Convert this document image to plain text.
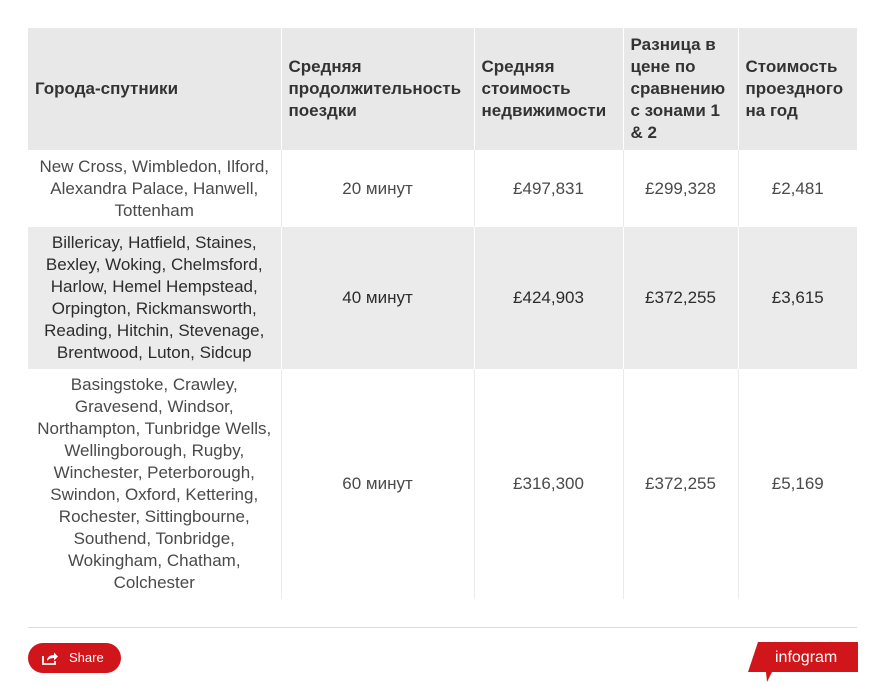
Города-спутники	Средняя продолжительность поездки	Средняя стоимость недвижимости	Разница в цене по сравнению с зонами 1 & 2	Стоимость проездного на год
New Cross, Wimbledon, Ilford, Alexandra Palace, Hanwell, Tottenham	20 минут	£497,831	£299,328	£2,481
Billericay, Hatfield, Staines, Bexley, Woking, Chelmsford, Harlow, Hemel Hempstead, Orpington, Rickmansworth, Reading, Hitchin, Stevenage, Brentwood, Luton, Sidcup	40 минут	£424,903	£372,255	£3,615
Basingstoke, Crawley, Gravesend, Windsor, Northampton, Tunbridge Wells, Wellingborough, Rugby, Winchester, Peterborough, Swindon, Oxford, Kettering, Rochester, Sittingbourne, Southend, Tonbridge, Wokingham, Chatham, Colchester	60 минут	£316,300	£372,255	£5,169
Share	infogram
